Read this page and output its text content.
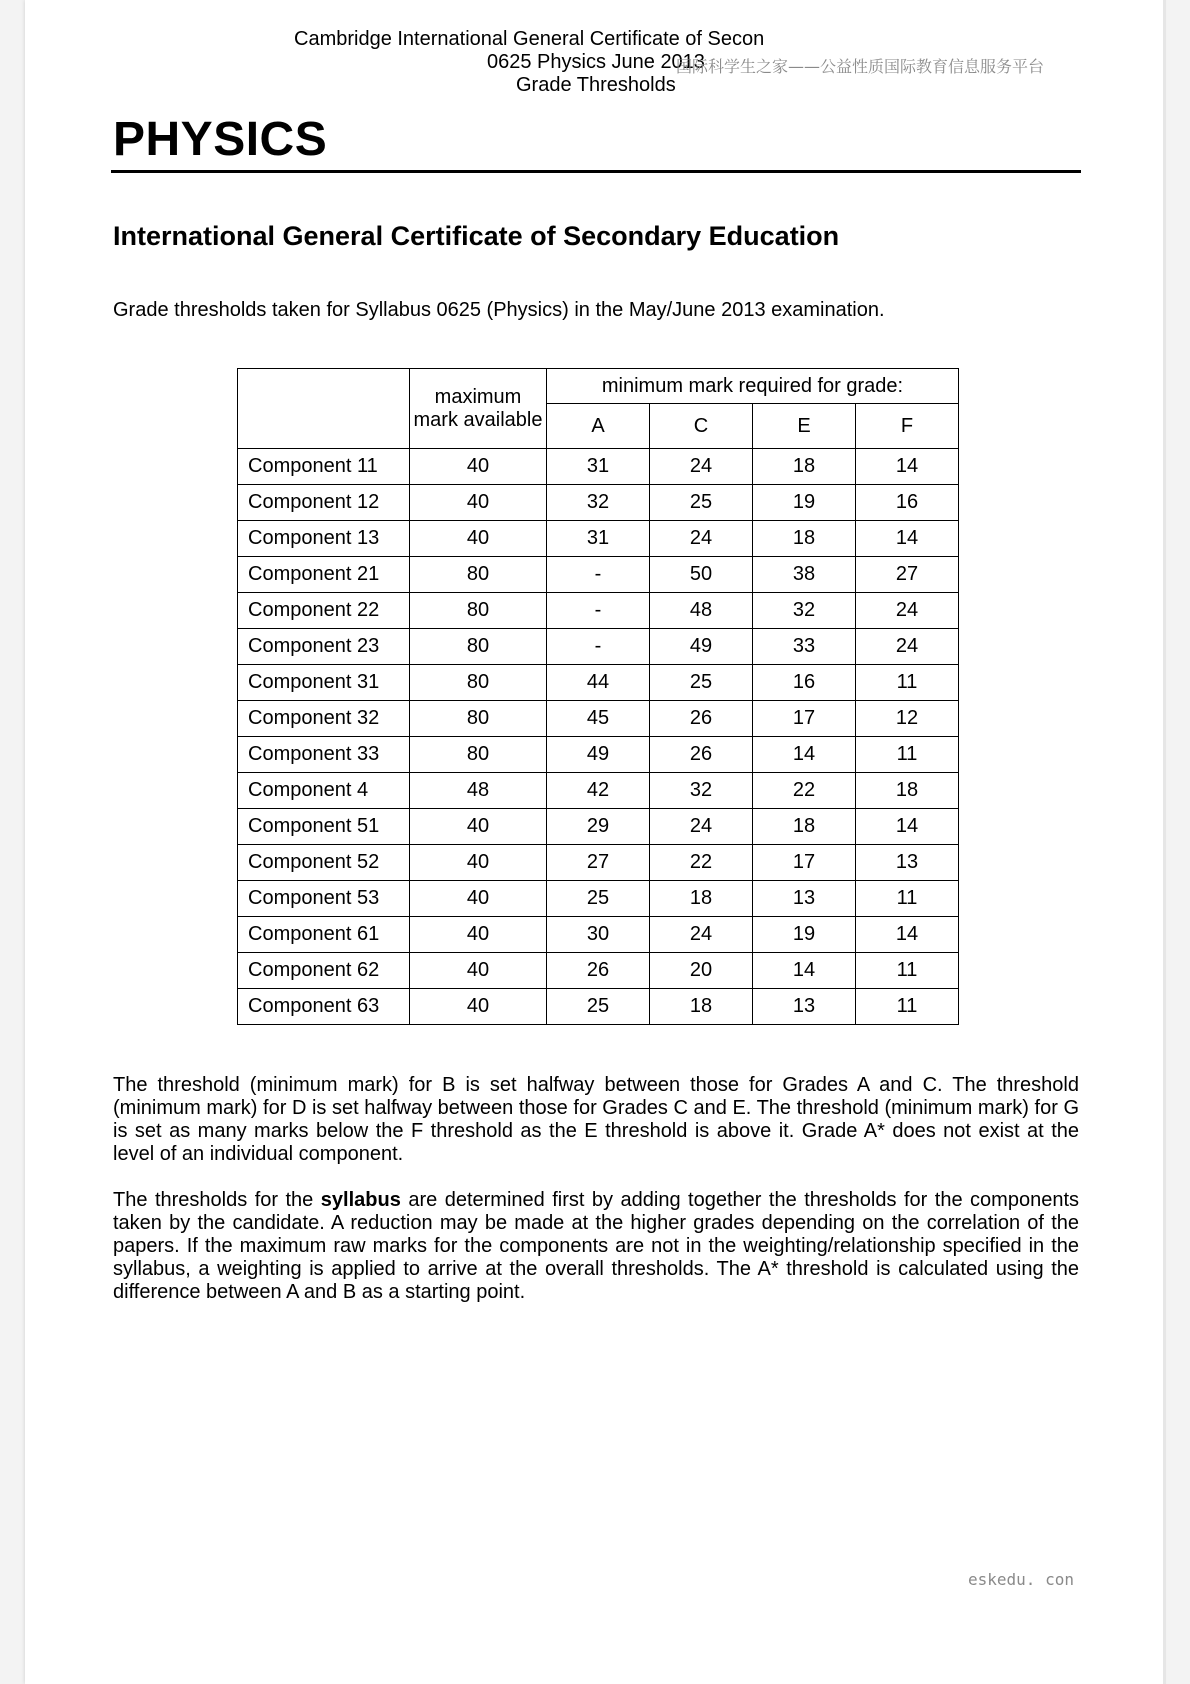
Cambridge International General Certificate of Secon
0625 Physics June 2013
Grade Thresholds
国际科学生之家——公益性质国际教育信息服务平台
PHYSICS
International General Certificate of Secondary Education
Grade thresholds taken for Syllabus 0625 (Physics) in the May/June 2013 examination.
	maximum mark available	minimum mark required for grade:			
		A	C	E	F
Component 11	40	31	24	18	14
Component 12	40	32	25	19	16
Component 13	40	31	24	18	14
Component 21	80	-	50	38	27
Component 22	80	-	48	32	24
Component 23	80	-	49	33	24
Component 31	80	44	25	16	11
Component 32	80	45	26	17	12
Component 33	80	49	26	14	11
Component 4	48	42	32	22	18
Component 51	40	29	24	18	14
Component 52	40	27	22	17	13
Component 53	40	25	18	13	11
Component 61	40	30	24	19	14
Component 62	40	26	20	14	11
Component 63	40	25	18	13	11
The threshold (minimum mark) for B is set halfway between those for Grades A and C. The threshold (minimum mark) for D is set halfway between those for Grades C and E. The threshold (minimum mark) for G is set as many marks below the F threshold as the E threshold is above it. Grade A* does not exist at the level of an individual component.
The thresholds for the syllabus are determined first by adding together the thresholds for the components taken by the candidate. A reduction may be made at the higher grades depending on the correlation of the papers. If the maximum raw marks for the components are not in the weighting/relationship specified in the syllabus, a weighting is applied to arrive at the overall thresholds. The A* threshold is calculated using the difference between A and B as a starting point.
eskedu. con
